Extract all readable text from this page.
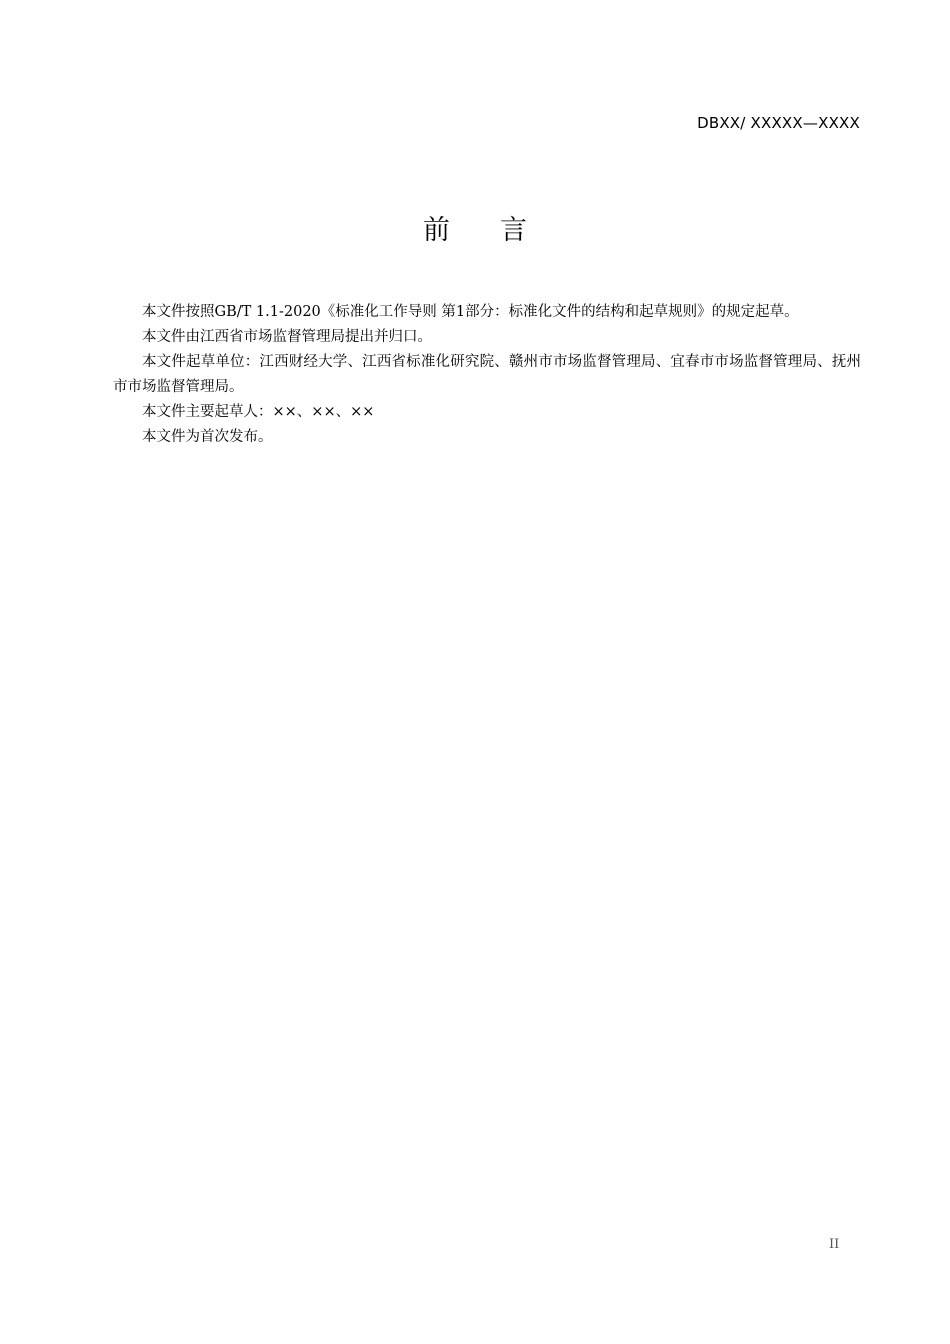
DBXX/ XXXXX—XXXX
前 言

本文件按照GB/T 1.1-2020《标准化工作导则 第1部分：标准化文件的结构和起草规则》的规定起草。

本文件由江西省市场监督管理局提出并归口。

本文件起草单位：江西财经大学、江西省标准化研究院、赣州市市场监督管理局、宜春市市场监督管理局、抚州市市场监督管理局。

本文件主要起草人：××、××、××

本文件为首次发布。

II
